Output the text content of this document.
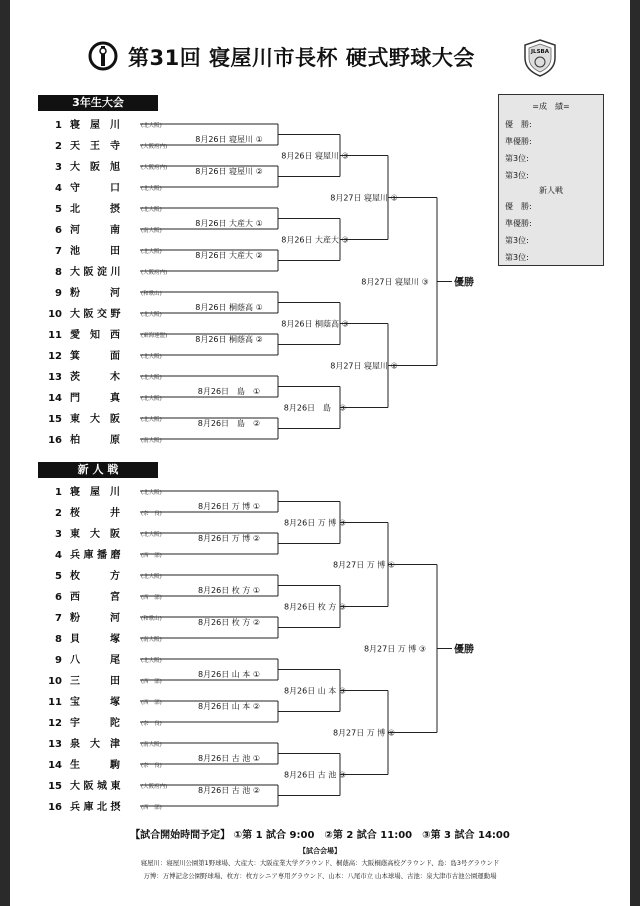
第31回 寝屋川市長杯 硬式野球大会	JLSBA
3年生大会
新 人 戦
=成　績=
優　勝:
準優勝:
第3位:
第3位:
新人戦
優　勝:
準優勝:
第3位:
第3位:
1 寝　屋　川	(北大阪)
2 天　王　寺	(大阪府内)
3 大　阪　旭	(大阪府内)
4 守　　　口	(北大阪)
5 北　　　摂	(北大阪)
6 河　　　南	(南大阪)
7 池　　　田	(北大阪)
8 大 阪 淀 川	(大阪府内)
9 粉　　　河	(和歌山)
10 大 阪 交 野	(北大阪)
11 愛　知　西	(東海連盟)
12 箕　　　面	(北大阪)
13 茨　　　木	(北大阪)
14 門　　　真	(北大阪)
15 東　大　阪	(北大阪)
16 柏　　　原	(南大阪)
8月26日 寝屋川 ①
8月26日 寝屋川 ②
8月26日 大産大 ①
8月26日 大産大 ②
8月26日 桐蔭高 ①
8月26日 桐蔭高 ②
8月26日　島　①
8月26日　島　②
8月26日 寝屋川 ③
8月26日 大産大 ③
8月26日 桐蔭高 ③
8月26日　島　③
8月27日 寝屋川 ①
8月27日 寝屋川 ②
8月27日 寝屋川 ③	優勝
1 寝　屋　川	(北大阪)
2 桜　　　井	(奈　良)
3 東　大　阪	(北大阪)
4 兵 庫 播 磨	(西　部)
5 枚　　　方	(北大阪)
6 西　　　宮	(西　部)
7 粉　　　河	(和歌山)
8 貝　　　塚	(南大阪)
9 八　　　尾	(北大阪)
10 三　　　田	(西　部)
11 宝　　　塚	(西　部)
12 宇　　　陀	(奈　良)
13 泉　大　津	(南大阪)
14 生　　　駒	(奈　良)
15 大 阪 城 東	(大阪府内)
16 兵 庫 北 摂	(西　部)
8月26日 万 博 ①
8月26日 万 博 ②
8月26日 枚 方 ①
8月26日 枚 方 ②
8月26日 山 本 ①
8月26日 山 本 ②
8月26日 古 池 ①
8月26日 古 池 ②
8月26日 万 博 ③
8月26日 枚 方 ③
8月26日 山 本 ③
8月26日 古 池 ③
8月27日 万 博 ①
8月27日 万 博 ②
8月27日 万 博 ③	優勝
【試合開始時間予定】 ①第 1 試合 9:00　②第 2 試合 11:00　③第 3 試合 14:00
【試合会場】
寝屋川：寝屋川公園第1野球場、大産大：大阪産業大学グラウンド、桐蔭高：大阪桐蔭高校グラウンド、島：島3号グラウンド
万博：万博記念公園野球場、枚方：枚方シニア専用グラウンド、山本：八尾市立 山本球場、古池：泉大津市古池公園運動場
